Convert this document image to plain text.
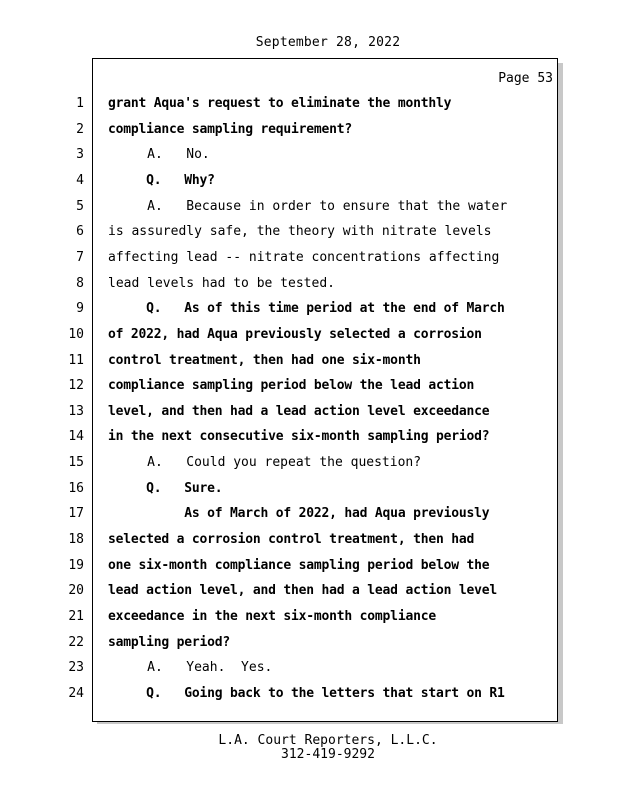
September 28, 2022
Page 53
1 grant Aqua's request to eliminate the monthly
2 compliance sampling requirement?
3 A.   No.
4 Q.   Why?
5 A.   Because in order to ensure that the water
6 is assuredly safe, the theory with nitrate levels
7 affecting lead -- nitrate concentrations affecting
8 lead levels had to be tested.
9 Q.   As of this time period at the end of March
10 of 2022, had Aqua previously selected a corrosion
11 control treatment, then had one six-month
12 compliance sampling period below the lead action
13 level, and then had a lead action level exceedance
14 in the next consecutive six-month sampling period?
15 A.   Could you repeat the question?
16 Q.   Sure.
17 As of March of 2022, had Aqua previously
18 selected a corrosion control treatment, then had
19 one six-month compliance sampling period below the
20 lead action level, and then had a lead action level
21 exceedance in the next six-month compliance
22 sampling period?
23 A.   Yeah.  Yes.
24 Q.   Going back to the letters that start on R1
L.A. Court Reporters, L.L.C.
312-419-9292
